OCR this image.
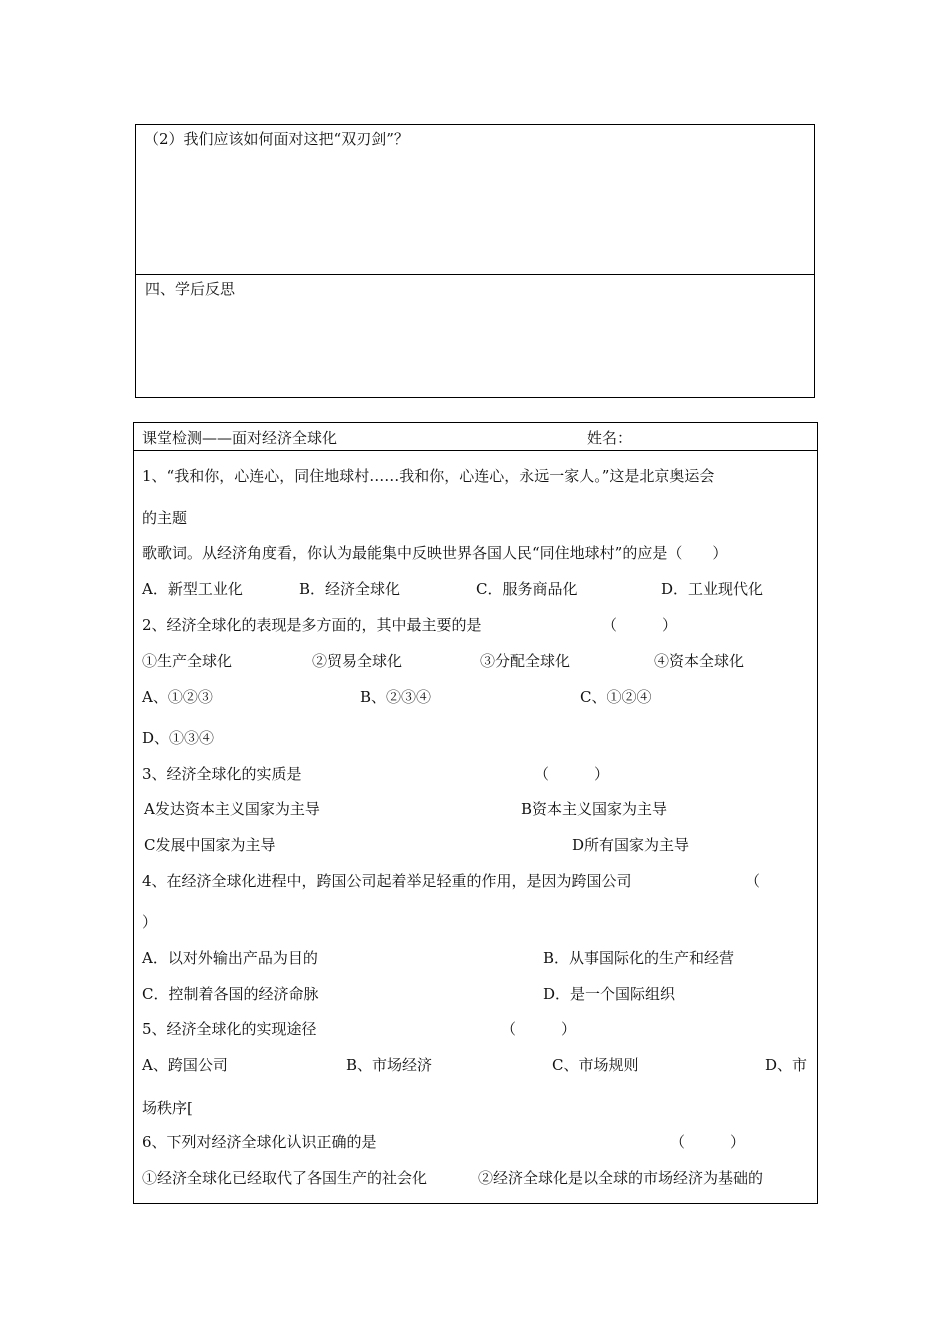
（2）我们应该如何面对这把“双刃剑”？
四、学后反思
课堂检测——面对经济全球化	姓名：
1、“我和你，心连心，同住地球村……我和你，心连心，永远一家人。”这是北京奥运会
的主题
歌歌词。从经济角度看，你认为最能集中反映世界各国人民“同住地球村”的应是（　　）
A．新型工业化	B．经济全球化	C．服务商品化	D．工业现代化
2、经济全球化的表现是多方面的，其中最主要的是	（　　　）
①生产全球化	②贸易全球化	③分配全球化	④资本全球化
A、①②③	B、②③④	C、①②④
D、①③④
3、经济全球化的实质是	（　　　）
A发达资本主义国家为主导	B资本主义国家为主导
C发展中国家为主导	D所有国家为主导
4、在经济全球化进程中，跨国公司起着举足轻重的作用，是因为跨国公司	（
）
A．以对外输出产品为目的	B．从事国际化的生产和经营
C．控制着各国的经济命脉	D．是一个国际组织
5、经济全球化的实现途径	（　　　）
A、跨国公司	B、市场经济	C、市场规则	D、市
场秩序[
6、下列对经济全球化认识正确的是	（　　　）
①经济全球化已经取代了各国生产的社会化	②经济全球化是以全球的市场经济为基础的
